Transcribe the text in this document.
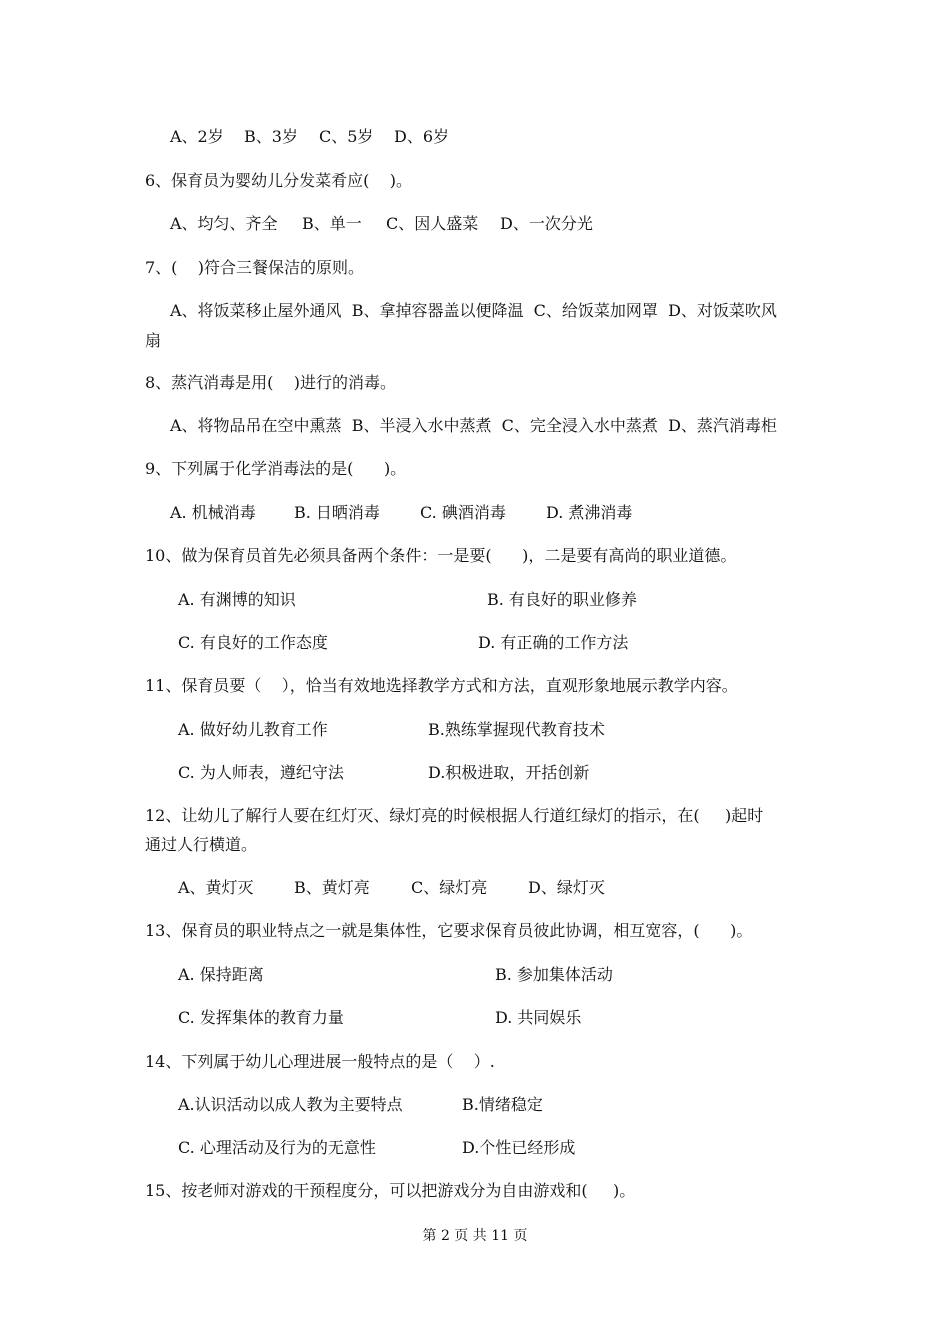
A、2岁 B、3岁 C、5岁 D、6岁
6、保育员为婴幼儿分发菜肴应(    )。
A、均匀、齐全 B、单一 C、因人盛菜 D、一次分光
7、(    )符合三餐保洁的原则。
A、将饭菜移止屋外通风  B、拿掉容器盖以便降温  C、给饭菜加网罩  D、对饭菜吹风
扇
8、蒸汽消毒是用(    )进行的消毒。
A、将物品吊在空中熏蒸  B、半浸入水中蒸煮  C、完全浸入水中蒸煮  D、蒸汽消毒柜
9、下列属于化学消毒法的是(      )。
A. 机械消毒 B. 日晒消毒	C. 碘酒消毒	D. 煮沸消毒
10、做为保育员首先必须具备两个条件：一是要(      )，二是要有高尚的职业道德。
A. 有渊博的知识	B. 有良好的职业修养
C. 有良好的工作态度	D. 有正确的工作方法
11、保育员要（    ），恰当有效地选择教学方式和方法，直观形象地展示教学内容。
A. 做好幼儿教育工作	B.熟练掌握现代教育技术
C. 为人师表，遵纪守法	D.积极进取，开括创新
12、让幼儿了解行人要在红灯灭、绿灯亮的时候根据人行道红绿灯的指示，在(     )起时
通过人行横道。
A、黄灯灭	B、黄灯亮	C、绿灯亮	D、绿灯灭
13、保育员的职业特点之一就是集体性，它要求保育员彼此协调，相互宽容，(      )。
A. 保持距离	B. 参加集体活动
C. 发挥集体的教育力量	D. 共同娱乐
14、下列属于幼儿心理进展一般特点的是（    ）.
A.认识活动以成人教为主要特点	B.情绪稳定
C. 心理活动及行为的无意性	D.个性已经形成
15、按老师对游戏的干预程度分，可以把游戏分为自由游戏和(     )。
第 2 页 共 11 页
